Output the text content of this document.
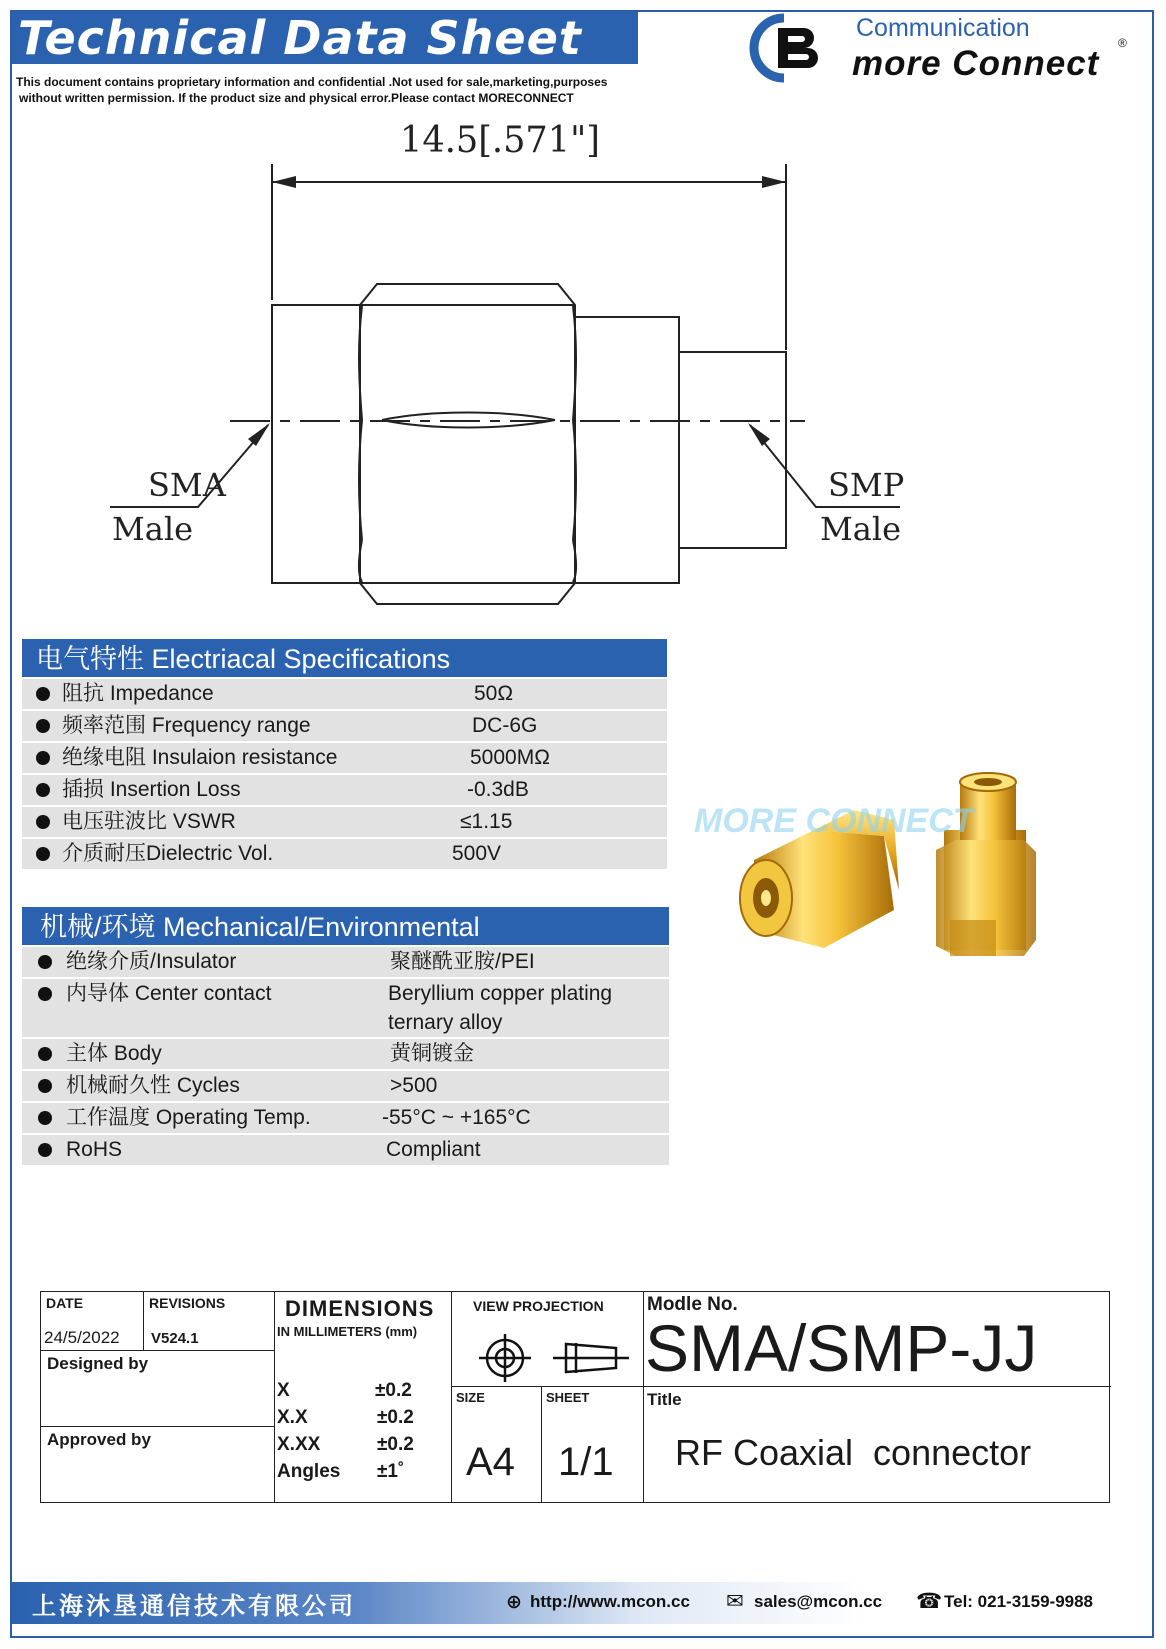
Technical Data Sheet
This document contains proprietary information and confidential .Not used for sale,marketing,purposes
without written permission. If the product size and physical error.Please contact MORECONNECT
Communication
more Connect
®
14.5[.571"]
SMA
Male
SMP
Male
MORE CONNECT
电气特性 Electriacal Specifications
阻抗 Impedance	50Ω
频率范围 Frequency range	DC-6G
绝缘电阻 Insulaion resistance	5000MΩ
插损 Insertion Loss	-0.3dB
电压驻波比 VSWR	≤1.15
介质耐压Dielectric Vol.	500V
机械/环境 Mechanical/Environmental
绝缘介质/Insulator	聚醚酰亚胺/PEI
内导体 Center contact	Beryllium copper plating
ternary alloy
主体 Body	黄铜镀金
机械耐久性 Cycles	>500
工作温度 Operating Temp.	-55°C ~ +165°C
RoHS	Compliant
DATE
24/5/2022
REVISIONS
V524.1
Designed by
Approved by
DIMENSIONS
IN MILLIMETERS (mm)
X	±0.2
X.X	±0.2
X.XX	±0.2
Angles ±1˚
VIEW PROJECTION
SIZE
A4
SHEET
1/1
Modle No.
SMA/SMP-JJ
Title
RF Coaxial  connector
上海沐垦通信技术有限公司	⊕ http://www.mcon.cc ✉ sales@mcon.cc ☎ Tel: 021-3159-9988
